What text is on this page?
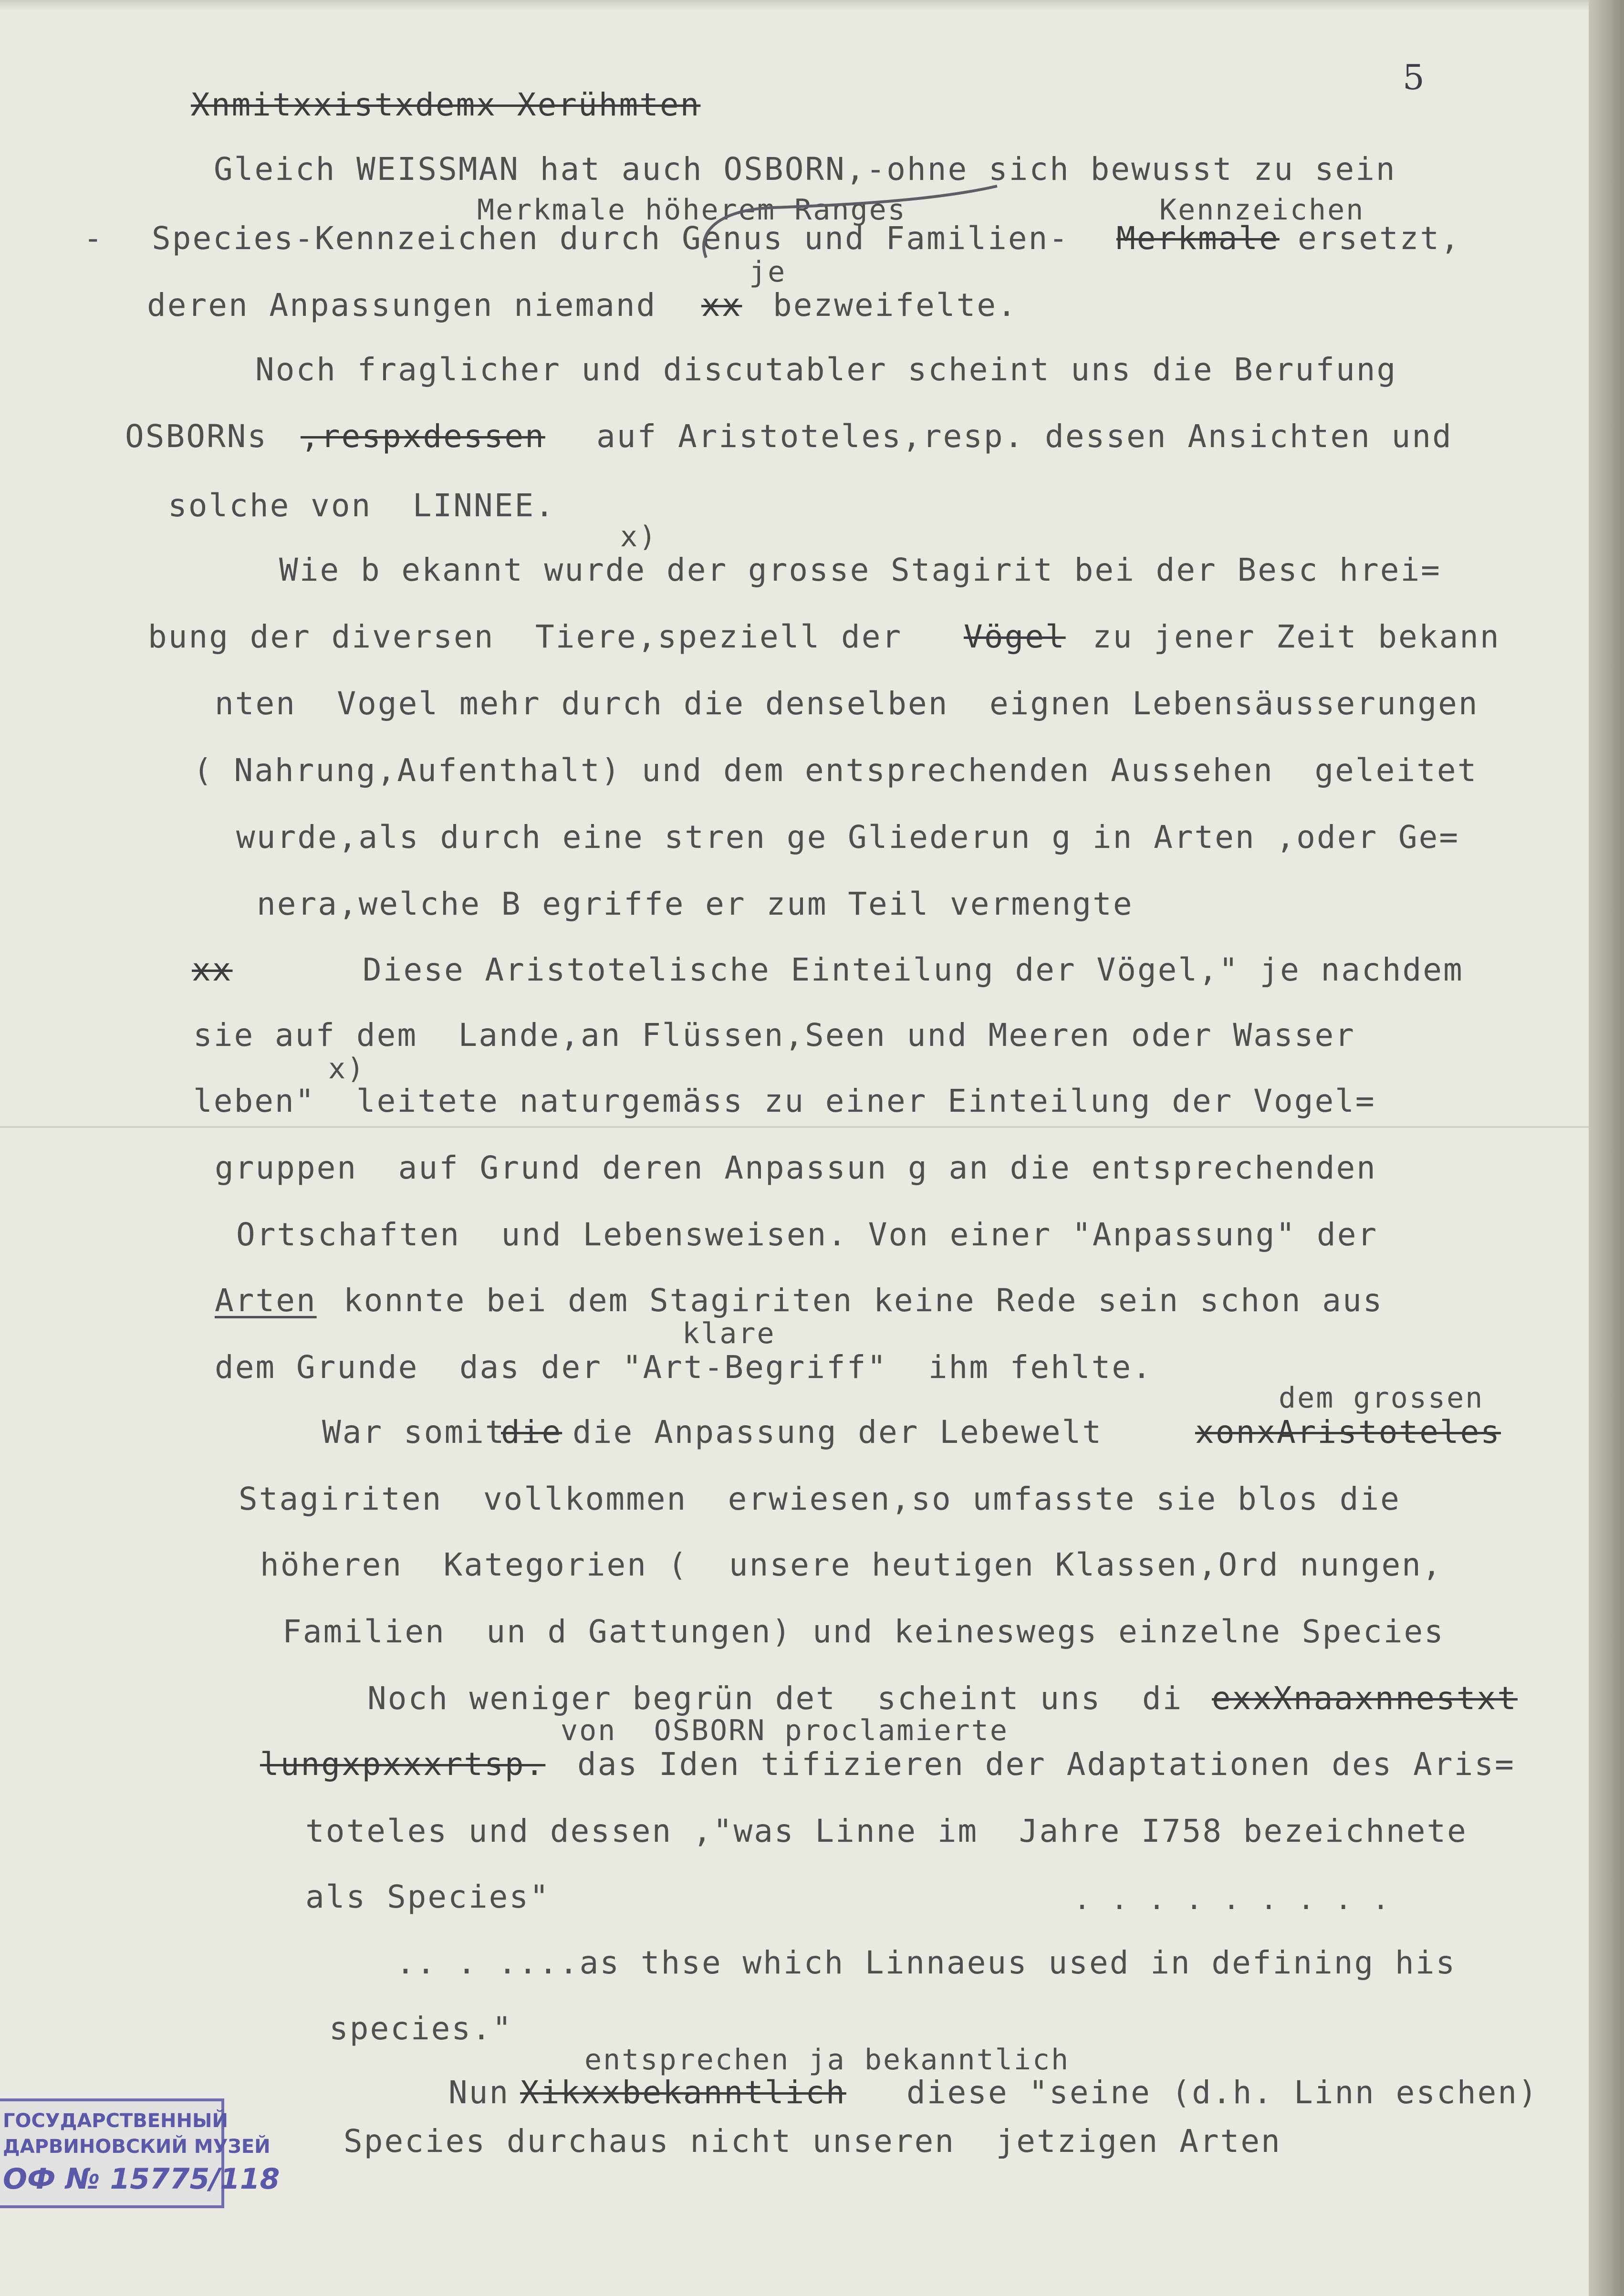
5
Xnmitxxistxdemx Xerühmten
Gleich WEISSMAN hat auch OSBORN,-ohne sich bewusst zu sein
Merkmale höherem Ranges	Kennzeichen
- Species-Kennzeichen durch Genus und Familien- Merkmale ersetzt,
je
deren Anpassungen niemand xx bezweifelte.
Noch fraglicher und discutabler scheint uns die Berufung
OSBORNs ,respxdessen auf Aristoteles,resp. dessen Ansichten und
solche von  LINNEE.
x)
Wie b ekannt wurde der grosse Stagirit bei der Besc hrei=
bung der diversen  Tiere,speziell der Vögel zu jener Zeit bekann
nten  Vogel mehr durch die denselben  eignen Lebensäusserungen
( Nahrung,Aufenthalt) und dem entsprechenden Aussehen  geleitet
wurde,als durch eine stren ge Gliederun g in Arten ,oder Ge=
nera,welche B egriffe er zum Teil vermengte
xx	Diese Aristotelische Einteilung der Vögel," je nachdem
sie auf dem  Lande,an Flüssen,Seen und Meeren oder Wasser
x)
leben"  leitete naturgemäss zu einer Einteilung der Vogel=
gruppen  auf Grund deren Anpassun g an die entsprechenden
Ortschaften  und Lebensweisen. Von einer "Anpassung" der
Arten konnte bei dem Stagiriten keine Rede sein schon aus
klare
dem Grunde  das der "Art-Begriff"  ihm fehlte.
dem grossen
War somit
die die Anpassung der Lebewelt	xonxAristoteles
Stagiriten  vollkommen  erwiesen,so umfasste sie blos die
höheren  Kategorien (  unsere heutigen Klassen,Ord nungen,
Familien  un d Gattungen) und keineswegs einzelne Species
Noch weniger begrün det  scheint uns  di exxXnaaxnnestxt
von  OSBORN proclamierte
lungxpxxxrtsp. das Iden tifizieren der Adaptationen des Aris=
toteles und dessen ,"was Linne im  Jahre I758 bezeichnete
als Species"	. . . . . . . . .
.. . ....as thse which Linnaeus used in defining his
species."
entsprechen ja bekanntlich
Nun Xikxxbekanntlich diese "seine (d.h. Linn eschen)
Species durchaus nicht unseren  jetzigen Arten
ГОСУДАРСТВЕННЫЙ
ДАРВИНОВСКИЙ МУЗЕЙ
ОФ № 15775/118
